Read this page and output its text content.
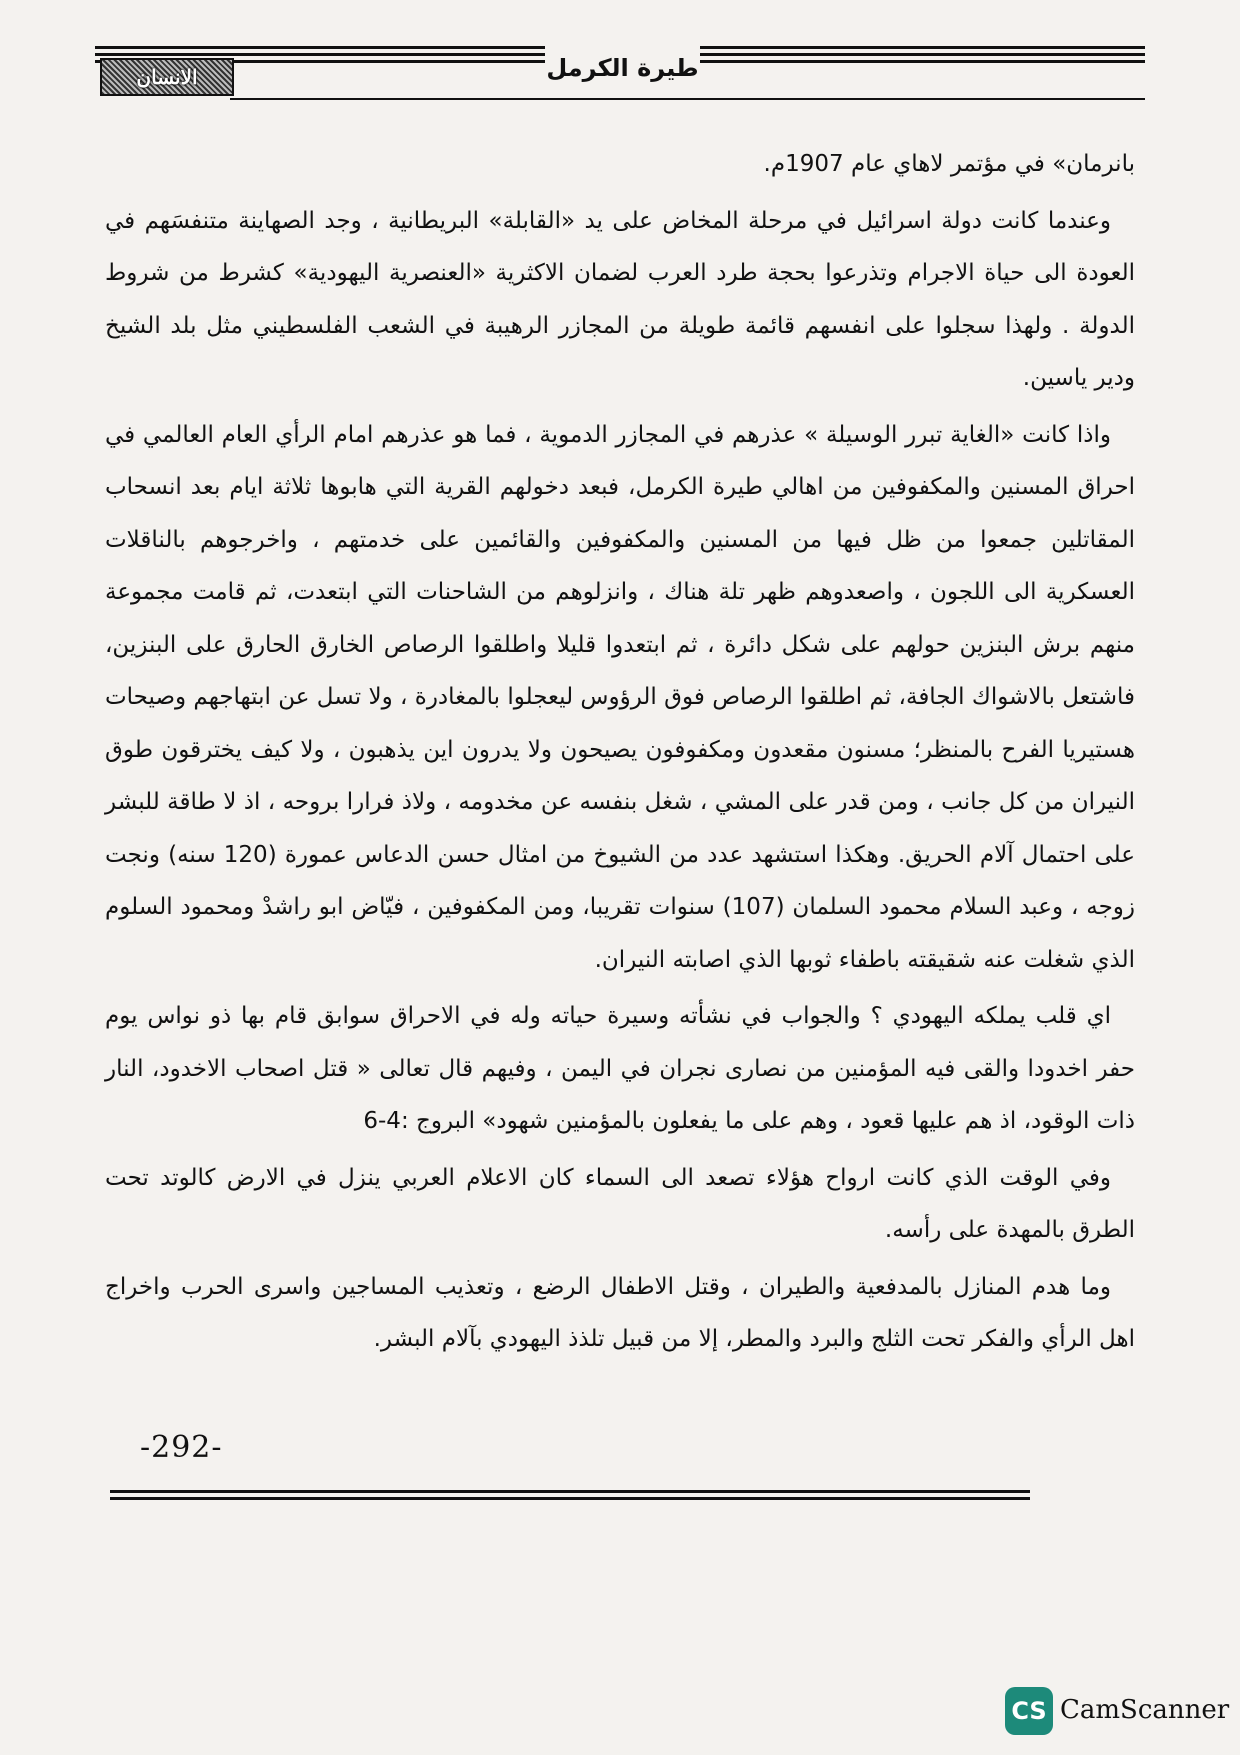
الانسان	طيرة الكرمل

بانرمان» في مؤتمر لاهاي عام 1907م.

وعندما كانت دولة اسرائيل في مرحلة المخاض على يد «القابلة» البريطانية ، وجد الصهاينة متنفسَهم في العودة الى حياة الاجرام وتذرعوا بحجة طرد العرب لضمان الاكثرية «العنصرية اليهودية» كشرط من شروط الدولة . ولهذا سجلوا على انفسهم قائمة طويلة من المجازر الرهيبة في الشعب الفلسطيني مثل بلد الشيخ ودير ياسين.

واذا كانت «الغاية تبرر الوسيلة » عذرهم في المجازر الدموية ، فما هو عذرهم امام الرأي العام العالمي في احراق المسنين والمكفوفين من اهالي طيرة الكرمل، فبعد دخولهم القرية التي هابوها ثلاثة ايام بعد انسحاب المقاتلين جمعوا من ظل فيها من المسنين والمكفوفين والقائمين على خدمتهم ، واخرجوهم بالناقلات العسكرية الى اللجون ، واصعدوهم ظهر تلة هناك ، وانزلوهم من الشاحنات التي ابتعدت، ثم قامت مجموعة منهم برش البنزين حولهم على شكل دائرة ، ثم ابتعدوا قليلا واطلقوا الرصاص الخارق الحارق على البنزين، فاشتعل بالاشواك الجافة، ثم اطلقوا الرصاص فوق الرؤوس ليعجلوا بالمغادرة ، ولا تسل عن ابتهاجهم وصيحات هستيريا الفرح بالمنظر؛ مسنون مقعدون ومكفوفون يصيحون ولا يدرون اين يذهبون ، ولا كيف يخترقون طوق النيران من كل جانب ، ومن قدر على المشي ، شغل بنفسه عن مخدومه ، ولاذ فرارا بروحه ، اذ لا طاقة للبشر على احتمال آلام الحريق. وهكذا استشهد عدد من الشيوخ من امثال حسن الدعاس عمورة (120 سنه) ونجت زوجه ، وعبد السلام محمود السلمان (107) سنوات تقريبا، ومن المكفوفين ، فيّاض ابو راشدْ ومحمود السلوم الذي شغلت عنه شقيقته باطفاء ثوبها الذي اصابته النيران.

اي قلب يملكه اليهودي ؟ والجواب في نشأته وسيرة حياته وله في الاحراق سوابق قام بها ذو نواس يوم حفر اخدودا والقى فيه المؤمنين من نصارى نجران في اليمن ، وفيهم قال تعالى « قتل اصحاب الاخدود، النار ذات الوقود، اذ هم عليها قعود ، وهم على ما يفعلون بالمؤمنين شهود» البروج :4-6

وفي الوقت الذي كانت ارواح هؤلاء تصعد الى السماء كان الاعلام العربي ينزل في الارض كالوتد تحت الطرق بالمهدة على رأسه.

وما هدم المنازل بالمدفعية والطيران ، وقتل الاطفال الرضع ، وتعذيب المساجين واسرى الحرب واخراج اهل الرأي والفكر تحت الثلج والبرد والمطر، إلا من قبيل تلذذ اليهودي بآلام البشر.

-292-
CS CamScanner
